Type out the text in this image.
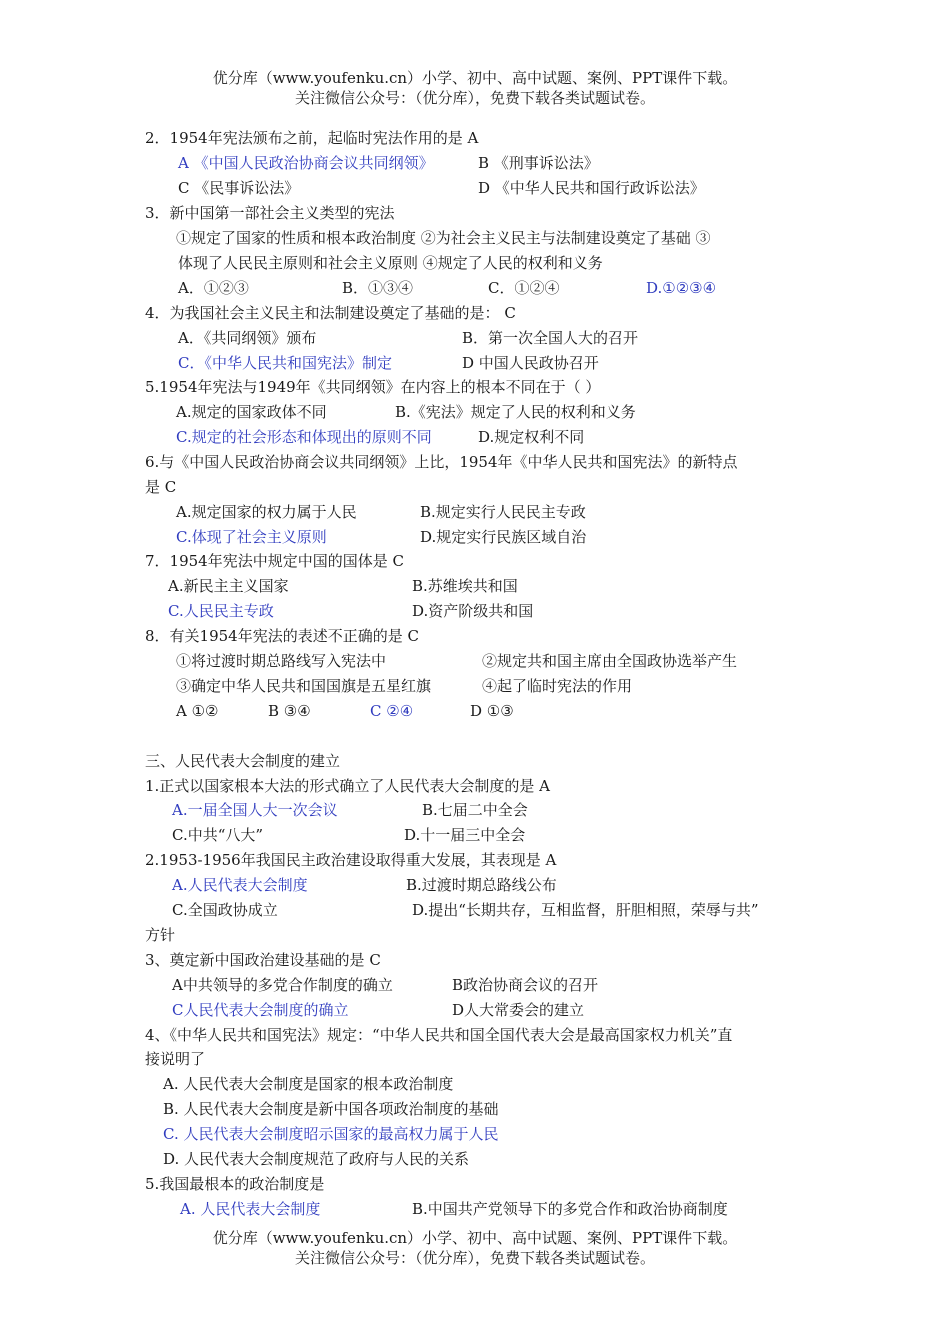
优分库（www.youfenku.cn）小学、初中、高中试题、案例、PPT课件下载。
关注微信公众号：（优分库），免费下载各类试题试卷。
2．1954年宪法颁布之前，起临时宪法作用的是 A
A 《中国人民政治协商会议共同纲领》	B 《刑事诉讼法》
C 《民事诉讼法》	D 《中华人民共和国行政诉讼法》
3．新中国第一部社会主义类型的宪法
①规定了国家的性质和根本政治制度 ②为社会主义民主与法制建设奠定了基础 ③
体现了人民民主原则和社会主义原则 ④规定了人民的权利和义务
A．①②③	B．①③④	C．①②④	D.①②③④
4．为我国社会主义民主和法制建设奠定了基础的是： C
A．《共同纲领》颁布	B．第一次全国人大的召开
C．《中华人民共和国宪法》制定	D 中国人民政协召开
5.1954年宪法与1949年《共同纲领》在内容上的根本不同在于（ ）
A.规定的国家政体不同	B.《宪法》规定了人民的权利和义务
C.规定的社会形态和体现出的原则不同	D.规定权利不同
6.与《中国人民政治协商会议共同纲领》上比，1954年《中华人民共和国宪法》的新特点
是 C
A.规定国家的权力属于人民	B.规定实行人民民主专政
C.体现了社会主义原则	D.规定实行民族区域自治
7．1954年宪法中规定中国的国体是 C
A.新民主主义国家	B.苏维埃共和国
C.人民民主专政	D.资产阶级共和国
8．有关1954年宪法的表述不正确的是 C
①将过渡时期总路线写入宪法中	②规定共和国主席由全国政协选举产生
③确定中华人民共和国国旗是五星红旗	④起了临时宪法的作用
A ①②	B ③④	C ②④	D ①③
三、人民代表大会制度的建立
1.正式以国家根本大法的形式确立了人民代表大会制度的是 A
A.一届全国人大一次会议	B.七届二中全会
C.中共“八大”	D.十一届三中全会
2.1953-1956年我国民主政治建设取得重大发展，其表现是 A
A.人民代表大会制度	B.过渡时期总路线公布
C.全国政协成立	D.提出“长期共存，互相监督，肝胆相照，荣辱与共”
方针
3、奠定新中国政治建设基础的是 C
A中共领导的多党合作制度的确立	B政治协商会议的召开
C人民代表大会制度的确立	D人大常委会的建立
4、《中华人民共和国宪法》规定：“中华人民共和国全国代表大会是最高国家权力机关”直
接说明了
A. 人民代表大会制度是国家的根本政治制度
B. 人民代表大会制度是新中国各项政治制度的基础
C. 人民代表大会制度昭示国家的最高权力属于人民
D. 人民代表大会制度规范了政府与人民的关系
5.我国最根本的政治制度是
A. 人民代表大会制度	B.中国共产党领导下的多党合作和政治协商制度
优分库（www.youfenku.cn）小学、初中、高中试题、案例、PPT课件下载。
关注微信公众号：（优分库），免费下载各类试题试卷。
